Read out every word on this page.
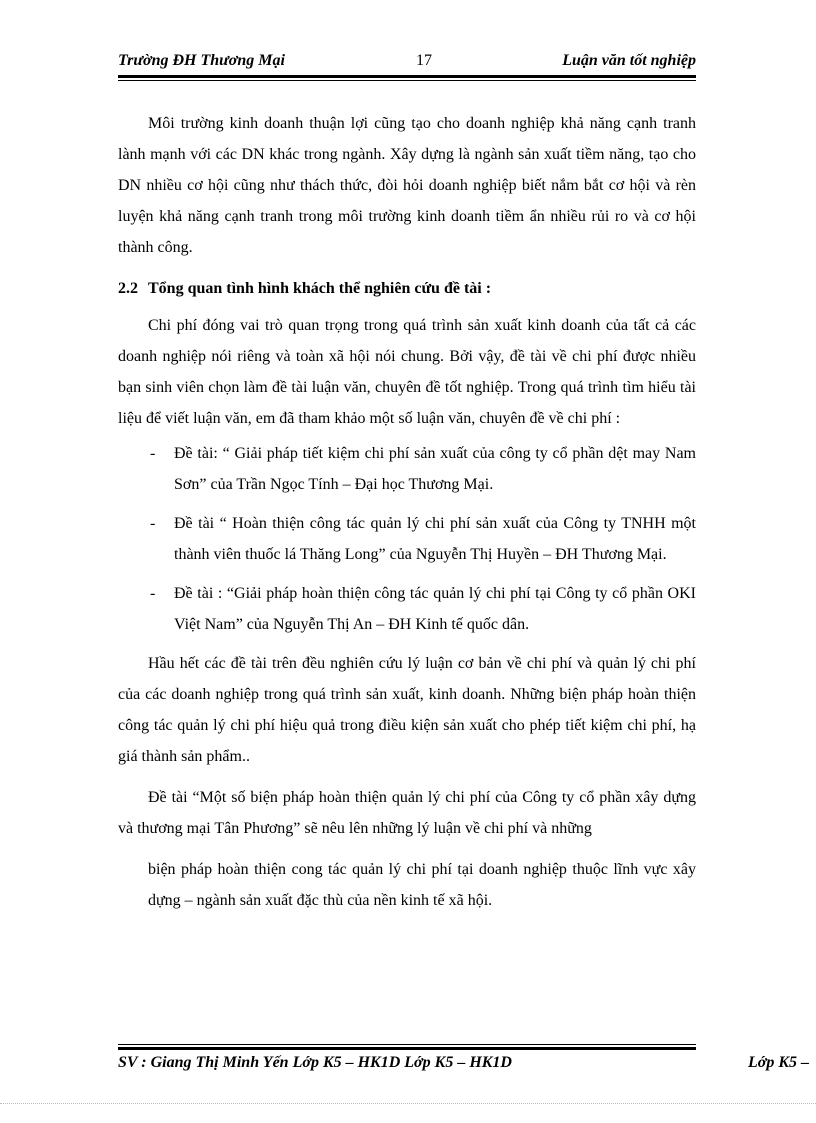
Trường ĐH Thương Mại	17	Luận văn tốt nghiệp

Môi trường kinh doanh thuận lợi cũng tạo cho doanh nghiệp khả năng cạnh tranh lành mạnh với các DN khác trong ngành. Xây dựng là ngành sản xuất tiềm năng, tạo cho DN nhiều cơ hội cũng như thách thức, đòi hỏi doanh nghiệp biết nắm bắt cơ hội và rèn luyện khả năng cạnh tranh trong môi trường kinh doanh tiềm ẩn nhiều rủi ro và cơ hội thành công.

2.2 Tổng quan tình hình khách thể nghiên cứu đề tài :

Chi phí đóng vai trò quan trọng trong quá trình sản xuất kinh doanh của tất cả các doanh nghiệp nói riêng và toàn xã hội nói chung. Bởi vậy, đề tài về chi phí được nhiều bạn sinh viên chọn làm đề tài luận văn, chuyên đề tốt nghiệp. Trong quá trình tìm hiểu tài liệu để viết luận văn, em đã tham khảo một số luận văn, chuyên đề về chi phí :

- Đề tài: “ Giải pháp tiết kiệm chi phí sản xuất của công ty cổ phần dệt may Nam Sơn” của Trần Ngọc Tính – Đại học Thương Mại.
- Đề tài “ Hoàn thiện công tác quản lý chi phí sản xuất của Công ty TNHH một thành viên thuốc lá Thăng Long” của Nguyễn Thị Huyền – ĐH Thương Mại.
- Đề tài : “Giải pháp hoàn thiện công tác quản lý chi phí tại Công ty cổ phần OKI Việt Nam” của Nguyễn Thị An – ĐH Kinh tế quốc dân.

Hầu hết các đề tài trên đều nghiên cứu lý luận cơ bản về chi phí và quản lý chi phí của các doanh nghiệp trong quá trình sản xuất, kinh doanh. Những biện pháp hoàn thiện công tác quản lý chi phí hiệu quả trong điều kiện sản xuất cho phép tiết kiệm chi phí, hạ giá thành sản phẩm..

Đề tài “Một số biện pháp hoàn thiện quản lý chi phí của Công ty cổ phần xây dựng và thương mại Tân Phương” sẽ nêu lên những lý luận về chi phí và những

biện pháp hoàn thiện cong tác quản lý chi phí tại doanh nghiệp thuộc lĩnh vực xây dựng – ngành sản xuất đặc thù của nền kinh tế xã hội.

SV : Giang Thị Minh Yến Lớp K5 – HK1D Lớp K5 – HK1D	Lớp K5 –
